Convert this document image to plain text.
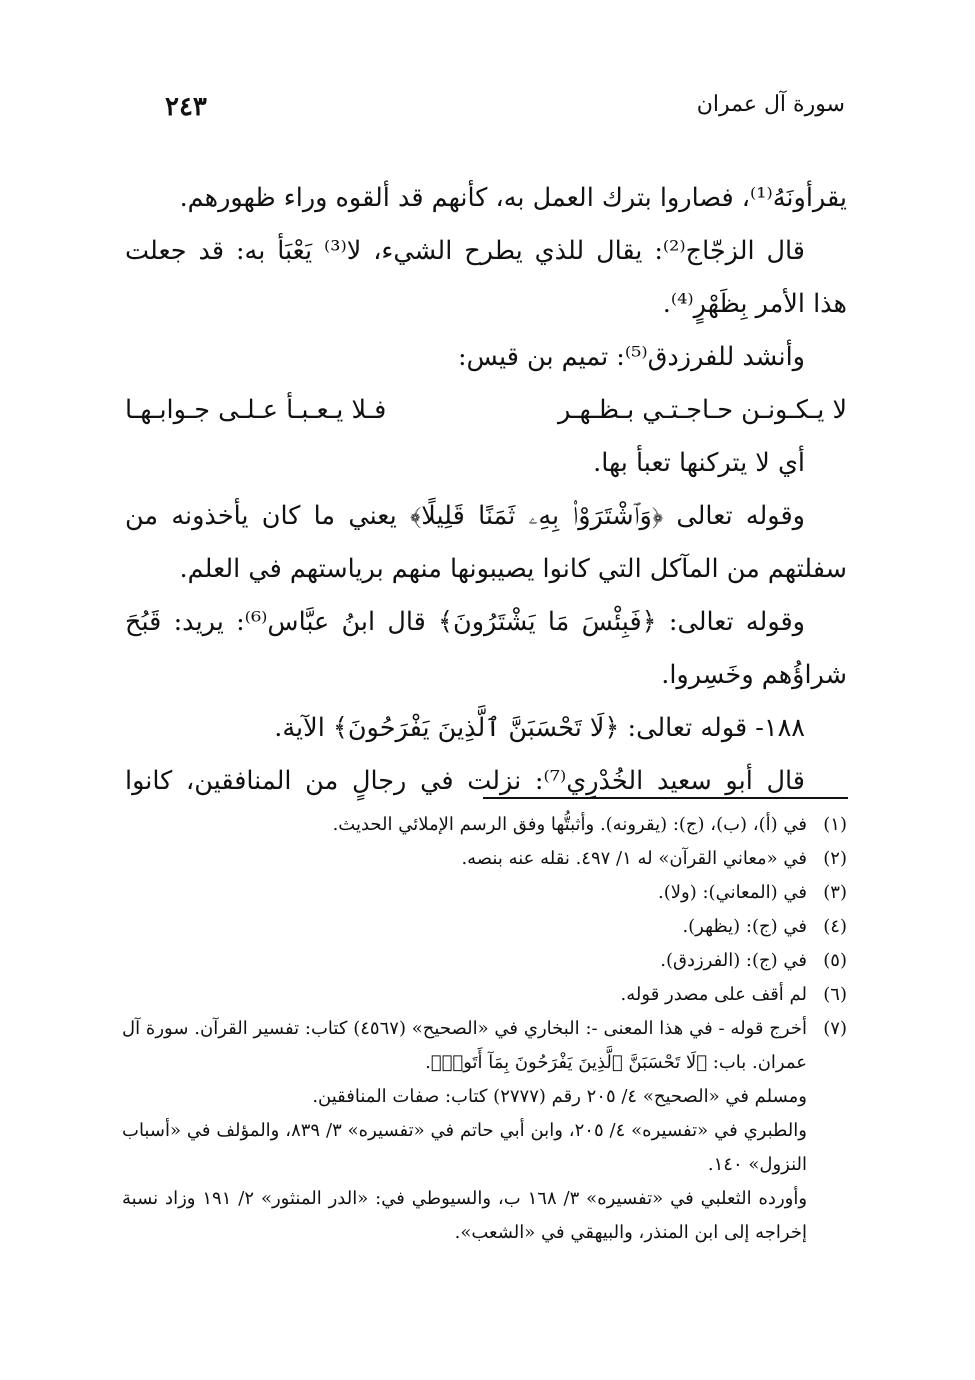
٢٤٣	سورة آل عمران

يقرأونَهُ⁽¹⁾، فصاروا بترك العمل به، كأنهم قد ألقوه وراء ظهورهم.

قال الزجّاج⁽²⁾: يقال للذي يطرح الشيء، لا⁽³⁾ يَعْبَأ به: قد جعلت هذا الأمر بِظَهْرٍ⁽⁴⁾.

وأنشد للفرزدق⁽⁵⁾: تميم بن قيس:

لا يـكـونـن حـاجـتـي بـظـهـر
فـلا يـعـبـأ عـلـى جـوابـهـا

أي لا يتركنها تعبأ بها.

وقوله تعالى ﴿وَٱشْتَرَوْا۟ بِهِۦ ثَمَنًا قَلِيلًا﴾ يعني ما كان يأخذونه من سفلتهم من المآكل التي كانوا يصيبونها منهم برياستهم في العلم.

وقوله تعالى: ﴿فَبِئْسَ مَا يَشْتَرُونَ﴾ قال ابنُ عبَّاس⁽⁶⁾: يريد: قَبُحَ شراؤُهم وخَسِروا.

١٨٨- قوله تعالى: ﴿لَا تَحْسَبَنَّ ٱلَّذِينَ يَفْرَحُونَ﴾ الآية.

قال أبو سعيد الخُدْرِي⁽⁷⁾: نزلت في رجالٍ من المنافقين، كانوا

(١)
في (أ)، (ب)، (ج): (يقرونه). وأثبتُّها وفق الرسم الإملائي الحديث.
(٢)
في «معاني القرآن» له ١/ ٤٩٧. نقله عنه بنصه.
(٣)
في (المعاني): (ولا).
(٤)
في (ج): (يظهر).
(٥)
في (ج): (الفرزدق).
(٦)
لم أقف على مصدر قوله.
(٧)
أخرج قوله - في هذا المعنى -: البخاري في «الصحيح» (٤٥٦٧) كتاب: تفسير القرآن. سورة آل عمران. باب: ﴿لَا تَحْسَبَنَّ ٱلَّذِينَ يَفْرَحُونَ بِمَآ أَتَوا۟﴾.
ومسلم في «الصحيح» ٤/ ٢٠٥ رقم (٢٧٧٧) كتاب: صفات المنافقين.
والطبري في «تفسيره» ٤/ ٢٠٥، وابن أبي حاتم في «تفسيره» ٣/ ٨٣٩، والمؤلف في «أسباب النزول» ١٤٠.
وأورده الثعلبي في «تفسيره» ٣/ ١٦٨ ب، والسيوطي في: «الدر المنثور» ٢/ ١٩١ وزاد نسبة إخراجه إلى ابن المنذر، والبيهقي في «الشعب».
